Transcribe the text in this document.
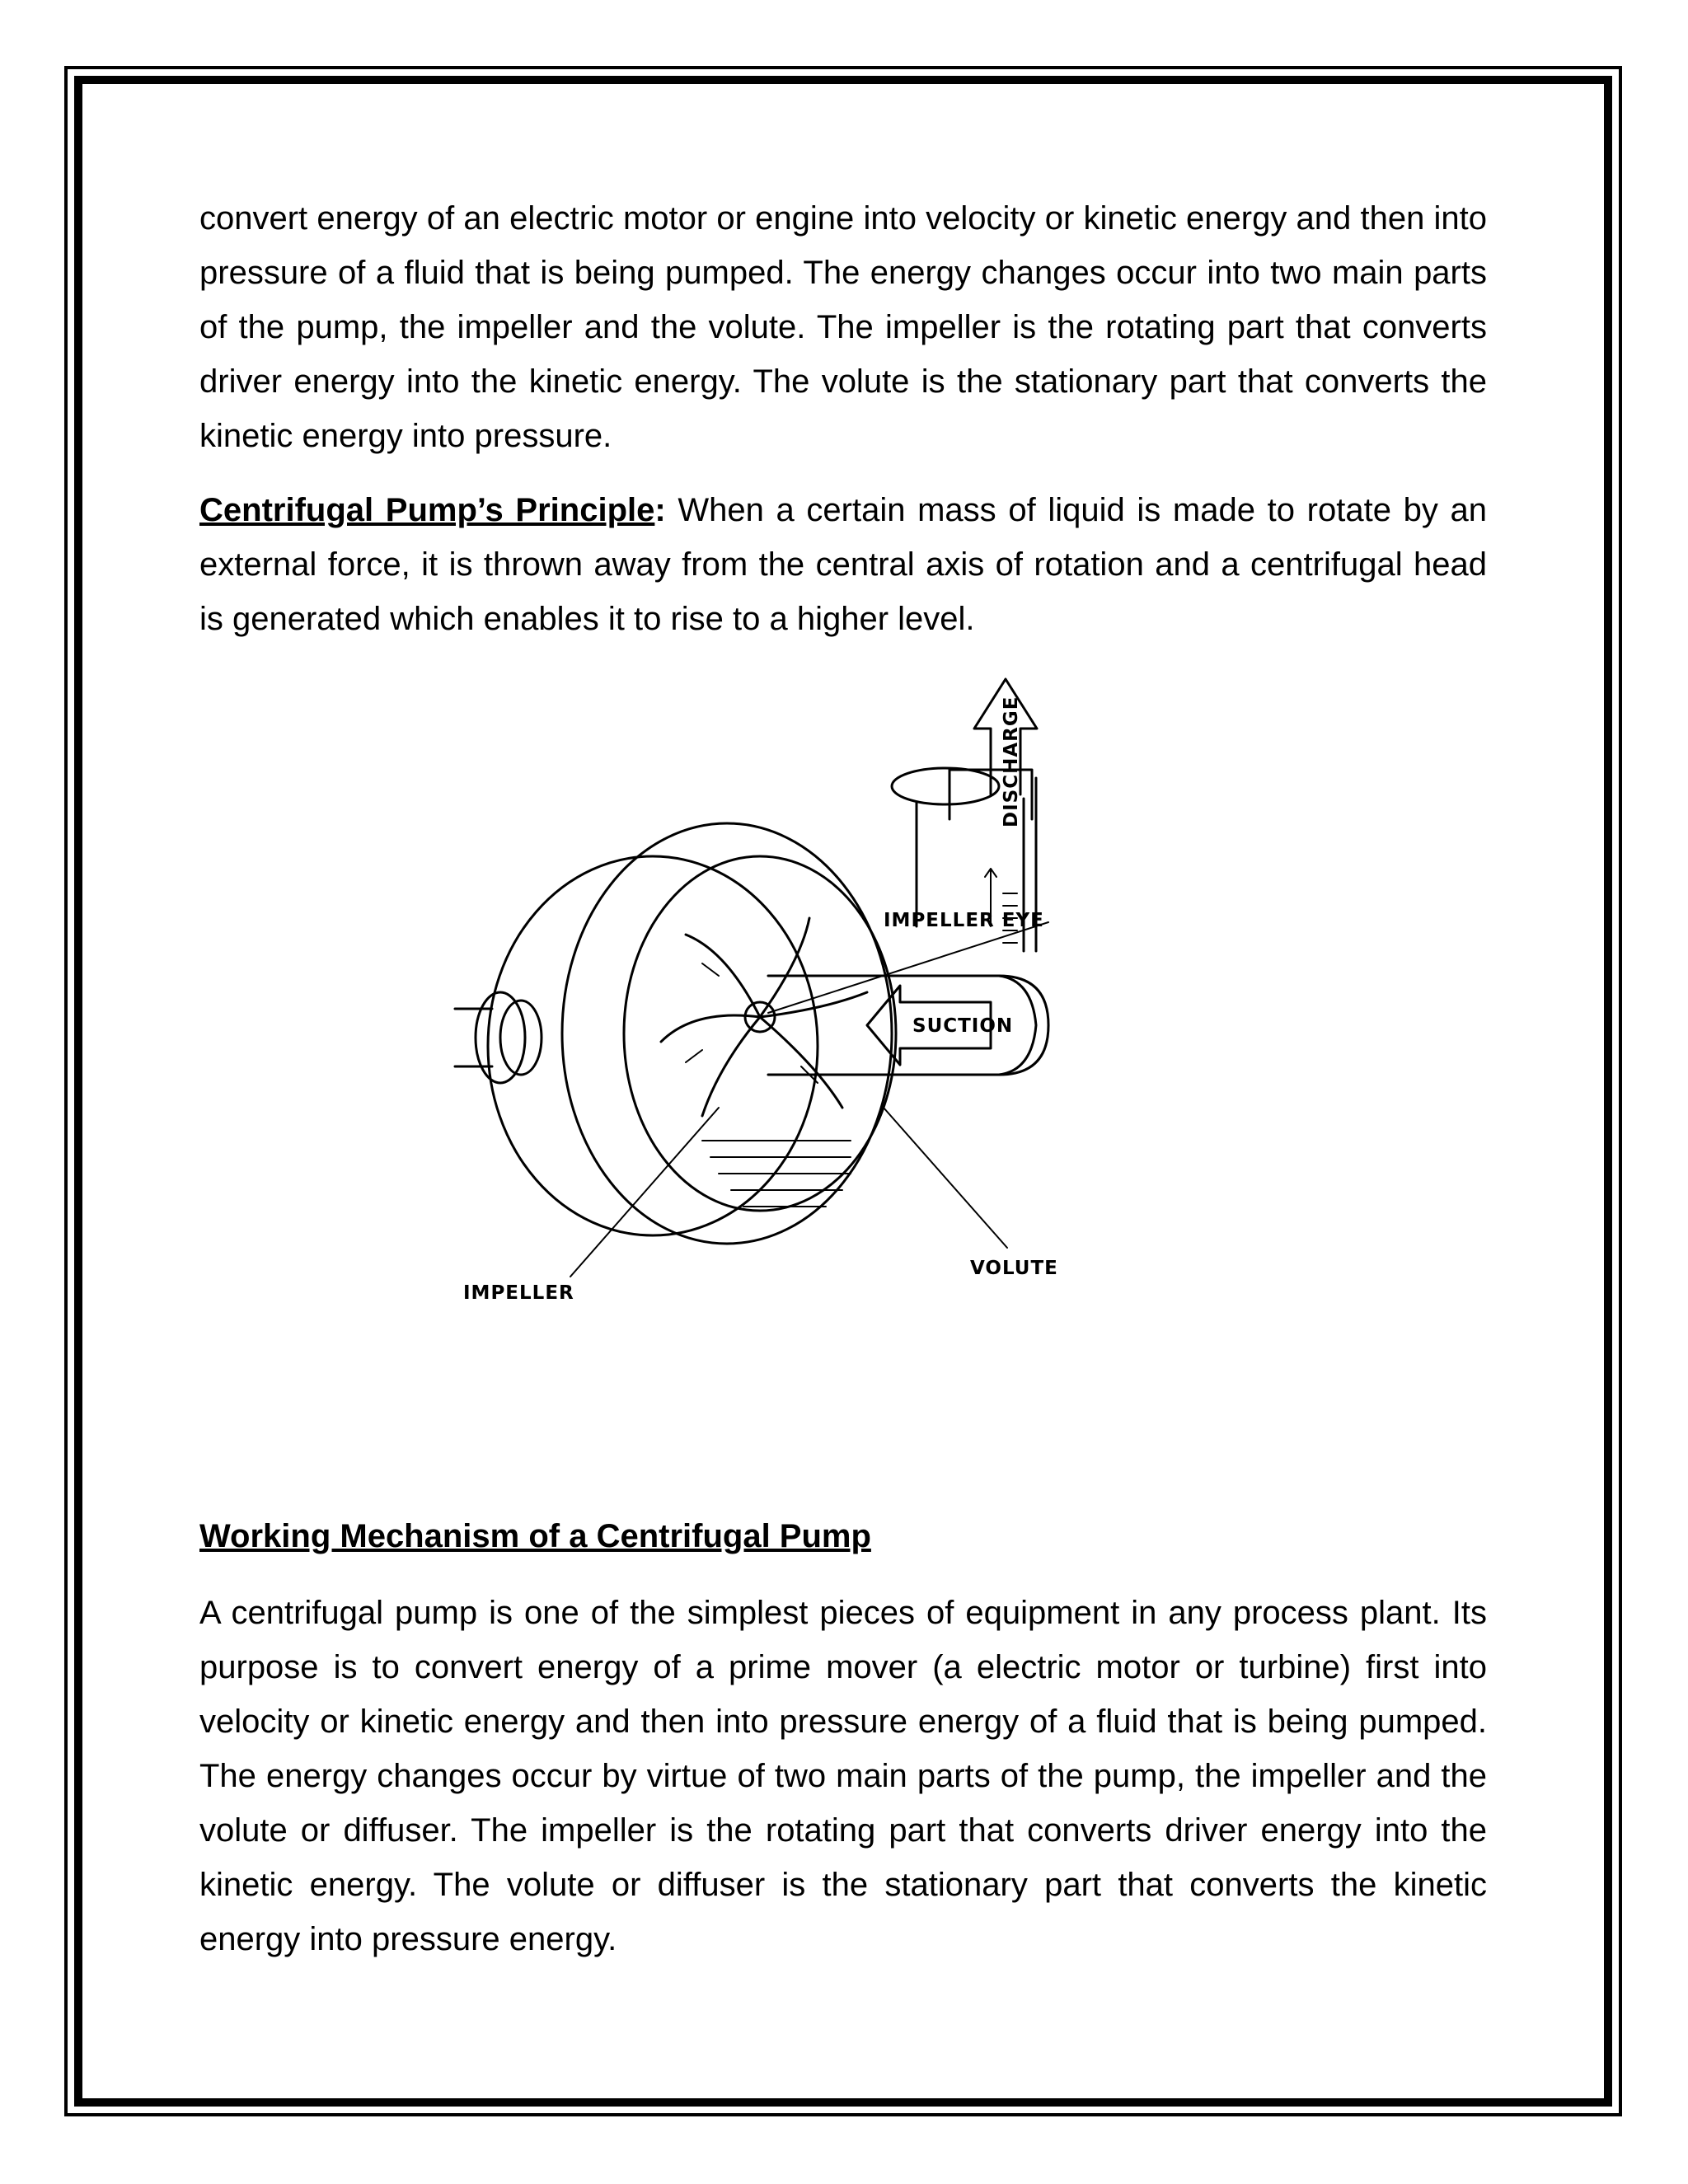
convert energy of an electric motor or engine into velocity or kinetic energy and then into pressure of a fluid that is being pumped. The energy changes occur into two main parts of the pump, the impeller and the volute. The impeller is the rotating part that converts driver energy into the kinetic energy. The volute is the stationary part that converts the kinetic energy into pressure.

Centrifugal Pump’s Principle: When a certain mass of liquid is made to rotate by an external force, it is thrown away from the central axis of rotation and a centrifugal head is generated which enables it to rise to a higher level.

DISCHARGE
IMPELLER EYE
SUCTION
VOLUTE
IMPELLER
Working Mechanism of a Centrifugal Pump

A centrifugal pump is one of the simplest pieces of equipment in any process plant. Its purpose is to convert energy of a prime mover (a electric motor or turbine) first into velocity or kinetic energy and then into pressure energy of a fluid that is being pumped. The energy changes occur by virtue of two main parts of the pump, the impeller and the volute or diffuser. The impeller is the rotating part that converts driver energy into the kinetic energy. The volute or diffuser is the stationary part that converts the kinetic energy into pressure energy.
